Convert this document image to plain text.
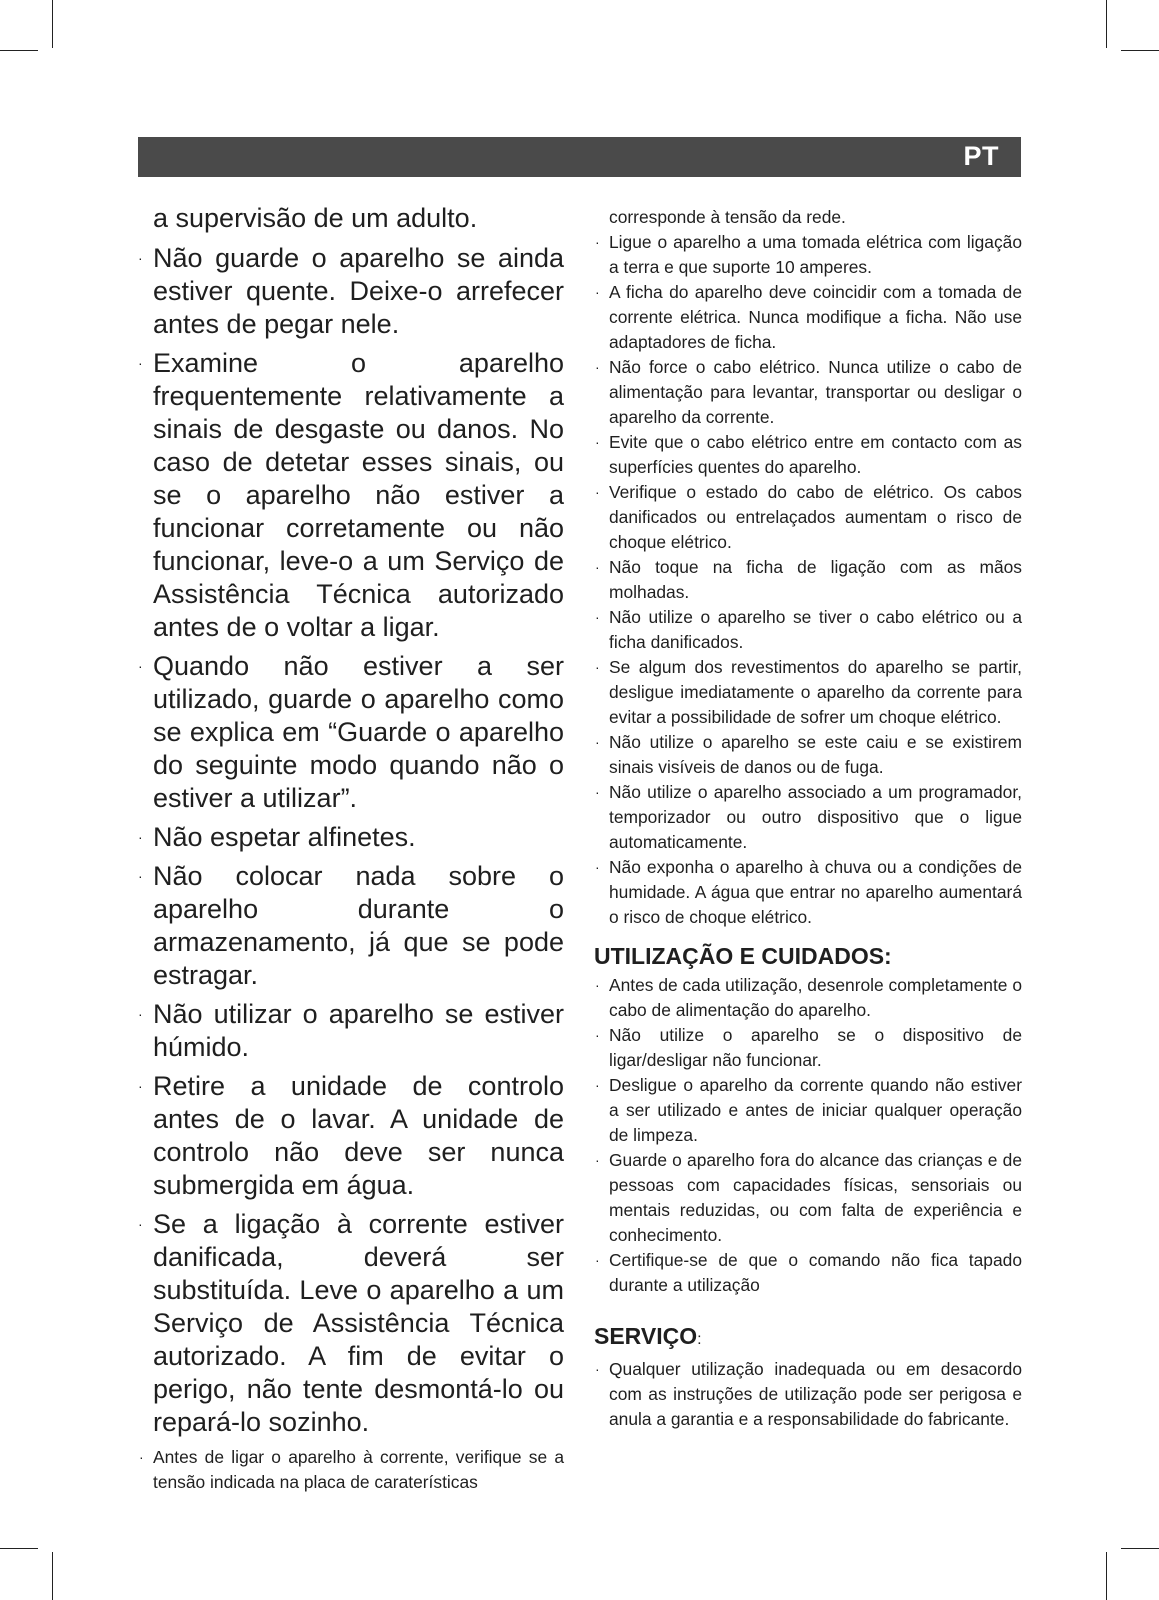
PT
a supervisão de um adulto.
· Não guarde o aparelho se ainda estiver quente. Deixe-o arrefecer antes de pegar nele.
· Examine o aparelho frequentemente relativamente a sinais de desgaste ou danos. No caso de detetar esses sinais, ou se o aparelho não estiver a funcionar corretamente ou não funcionar, leve-o a um Serviço de Assistência Técnica autorizado antes de o voltar a ligar.
· Quando não estiver a ser utilizado, guarde o aparelho como se explica em “Guarde o aparelho do seguinte modo quando não o estiver a utilizar”.
· Não espetar alfinetes.
· Não colocar nada sobre o aparelho durante o armazenamento, já que se pode estragar.
· Não utilizar o aparelho se estiver húmido.
· Retire a unidade de controlo antes de o lavar. A unidade de controlo não deve ser nunca submergida em água.
· Se a ligação à corrente estiver danificada, deverá ser substituída. Leve o aparelho a um Serviço de Assistência Técnica autorizado. A fim de evitar o perigo, não tente desmontá-lo ou repará-lo sozinho.
· Antes de ligar o aparelho à corrente, verifique se a tensão indicada na placa de caraterísticas
corresponde à tensão da rede.
· Ligue o aparelho a uma tomada elétrica com ligação a terra e que suporte 10 amperes.
· A ficha do aparelho deve coincidir com a tomada de corrente elétrica. Nunca modifique a ficha. Não use adaptadores de ficha.
· Não force o cabo elétrico. Nunca utilize o cabo de alimentação para levantar, transportar ou desligar o aparelho da corrente.
· Evite que o cabo elétrico entre em contacto com as superfícies quentes do aparelho.
· Verifique o estado do cabo de elétrico. Os cabos danificados ou entrelaçados aumentam o risco de choque elétrico.
· Não toque na ficha de ligação com as mãos molhadas.
· Não utilize o aparelho se tiver o cabo elétrico ou a ficha danificados.
· Se algum dos revestimentos do aparelho se partir, desligue imediatamente o aparelho da corrente para evitar a possibilidade de sofrer um choque elétrico.
· Não utilize o aparelho se este caiu e se existirem sinais visíveis de danos ou de fuga.
· Não utilize o aparelho associado a um programador, temporizador ou outro dispositivo que o ligue automaticamente.
· Não exponha o aparelho à chuva ou a condições de humidade. A água que entrar no aparelho aumentará o risco de choque elétrico.
UTILIZAÇÃO E CUIDADOS:
· Antes de cada utilização, desenrole completamente o cabo de alimentação do aparelho.
· Não utilize o aparelho se o dispositivo de ligar/desligar não funcionar.
· Desligue o aparelho da corrente quando não estiver a ser utilizado e antes de iniciar qualquer operação de limpeza.
· Guarde o aparelho fora do alcance das crianças e de pessoas com capacidades físicas, sensoriais ou mentais reduzidas, ou com falta de experiência e conhecimento.
· Certifique-se de que o comando não fica tapado durante a utilização
SERVIÇO:
· Qualquer utilização inadequada ou em desacordo com as instruções de utilização pode ser perigosa e anula a garantia e a responsabilidade do fabricante.
